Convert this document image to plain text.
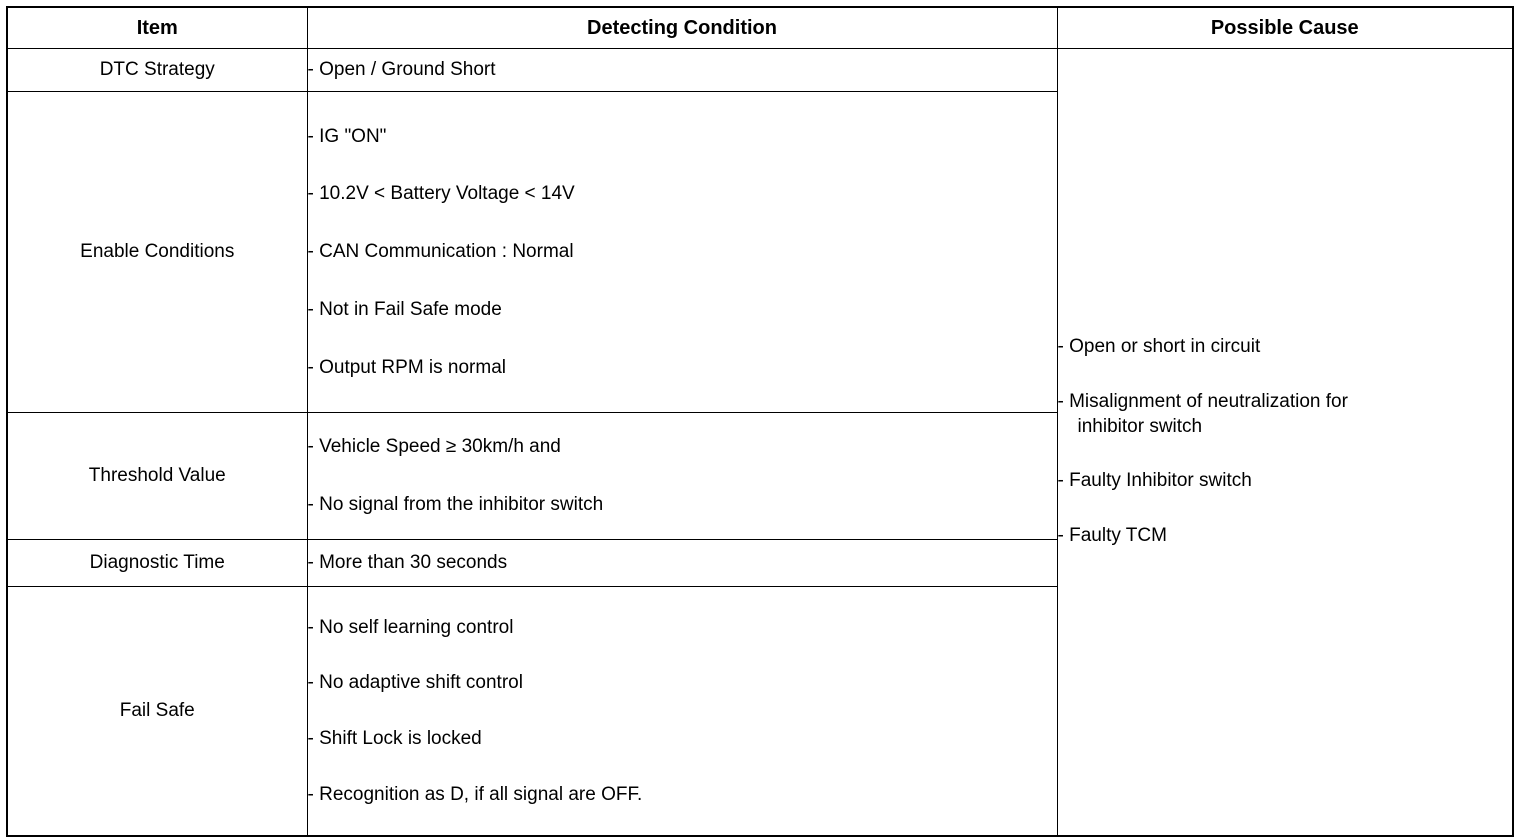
Item	Detecting Condition	Possible Cause
DTC Strategy	- Open / Ground Short	- Open or short in circuit
- Misalignment of neutralization for
inhibitor switch
- Faulty Inhibitor switch
- Faulty TCM

Enable Conditions	- IG "ON"
- 10.2V < Battery Voltage < 14V
- CAN Communication : Normal
- Not in Fail Safe mode
- Output RPM is normal	

Threshold Value	- Vehicle Speed ≥ 30km/h and
- No signal from the inhibitor switch	

Diagnostic Time	- More than 30 seconds	

Fail Safe	- No self learning control
- No adaptive shift control
- Shift Lock is locked
- Recognition as D, if all signal are OFF.	
